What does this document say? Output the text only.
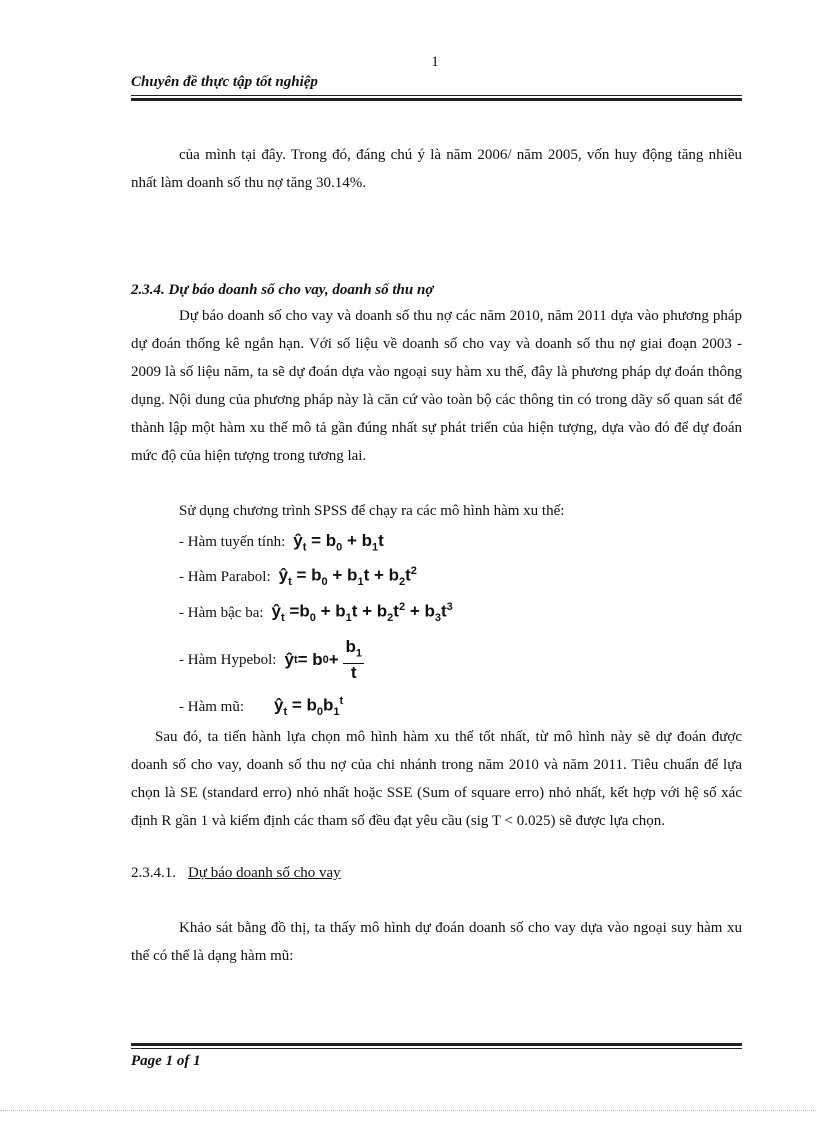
1
Chuyên đề thực tập tốt nghiệp
của mình tại đây. Trong đó, đáng chú ý là năm 2006/ năm 2005, vốn huy động tăng nhiều nhất làm doanh số thu nợ tăng 30.14%.
2.3.4. Dự báo doanh số cho vay, doanh số thu nợ
Dự báo doanh số cho vay và doanh số thu nợ các năm 2010, năm 2011 dựa vào phương pháp dự đoán thống kê ngắn hạn. Với số liệu về doanh số cho vay và doanh số thu nợ giai đoạn 2003 - 2009 là số liệu năm, ta sẽ dự đoán dựa vào ngoại suy hàm xu thế, đây là phương pháp dự đoán thông dụng. Nội dung của phương pháp này là căn cứ vào toàn bộ các thông tin có trong dãy số quan sát để thành lập một hàm xu thế mô tả gần đúng nhất sự phát triển của hiện tượng, dựa vào đó để dự đoán mức độ của hiện tượng trong tương lai.
Sử dụng chương trình SPSS để chạy ra các mô hình hàm xu thế:
- Hàm tuyến tính: $ŷ_t = b_0 + b_1t$
- Hàm Parabol: $ŷ_t = b_0 + b_1t + b_2t^2$
- Hàm bậc ba: $ŷ_t =b_0 + b_1t + b_2t^2 + b_3t^3$
- Hàm Hypebol: ŷ t = b 0 +
$b_1$
t
- Hàm mũ: $ŷ_t = b_0b_1^t$
Sau đó, ta tiến hành lựa chọn mô hình hàm xu thế tốt nhất, từ mô hình này sẽ dự đoán được doanh số cho vay, doanh số thu nợ của chi nhánh trong năm 2010 và năm 2011. Tiêu chuẩn để lựa chọn là SE (standard erro) nhỏ nhất hoặc SSE (Sum of square erro) nhỏ nhất, kết hợp với hệ số xác định R gần 1 và kiểm định các tham số đều đạt yêu cầu (sig T < 0.025) sẽ được lựa chọn.
2.3.4.1. Dự báo doanh số cho vay
Khảo sát bằng đồ thị, ta thấy mô hình dự đoán doanh số cho vay dựa vào ngoại suy hàm xu thế có thể là dạng hàm mũ:
Page 1 of 1
